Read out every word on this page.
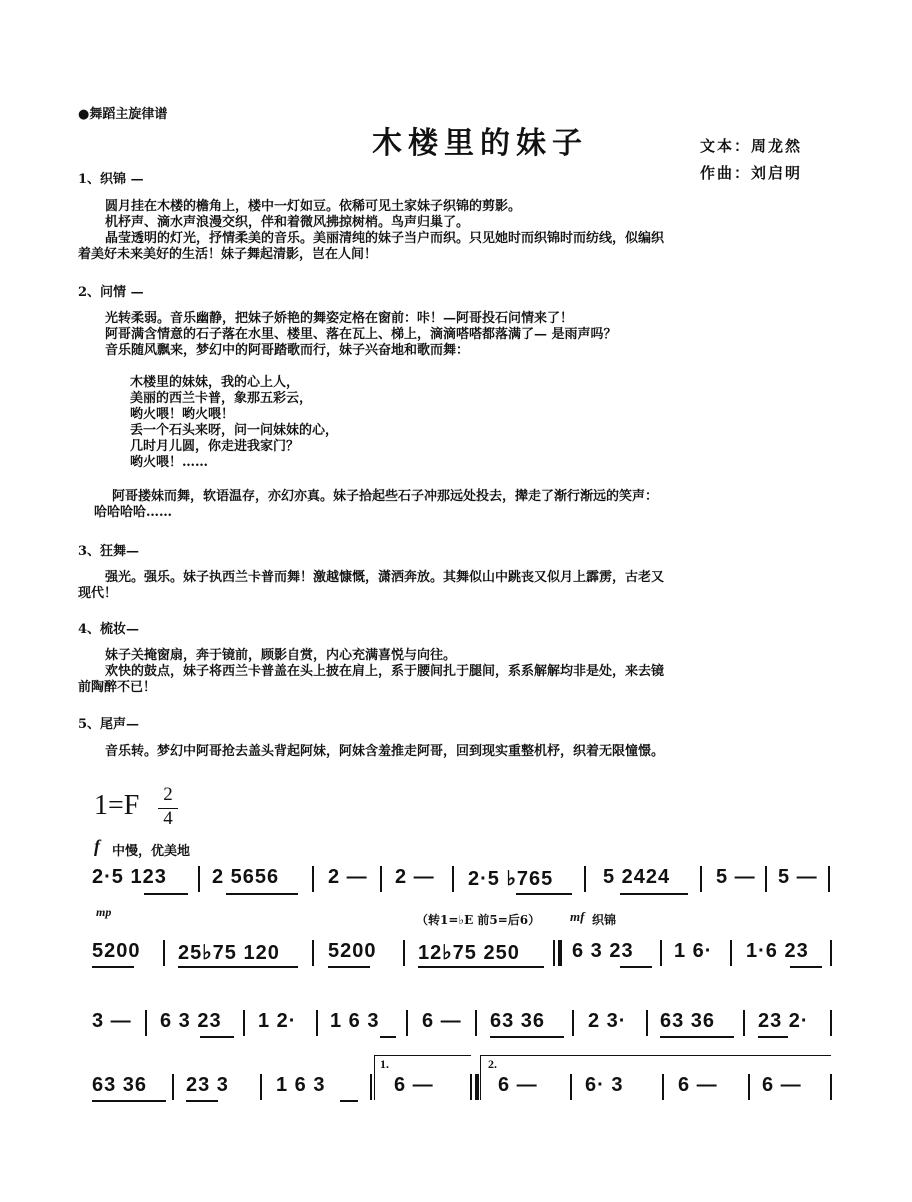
●舞蹈主旋律谱
木楼里的妹子	文本：周龙然
作曲：刘启明
1、织锦 —
圆月挂在木楼的檐角上，楼中一灯如豆。依稀可见土家妹子织锦的剪影。
机杼声、滴水声浪漫交织，伴和着微风拂掠树梢。鸟声归巢了。
晶莹透明的灯光，抒情柔美的音乐。美丽清纯的妹子当户而织。只见她时而织锦时而纺线，似编织
着美好未来美好的生活！妹子舞起清影，岂在人间！
2、问情 —
光转柔弱。音乐幽静，把妹子娇艳的舞姿定格在窗前：咔！—阿哥投石问情来了！
阿哥满含情意的石子落在水里、楼里、落在瓦上、梯上，滴滴嗒嗒都落满了— 是雨声吗？
音乐随风飘来，梦幻中的阿哥踏歌而行，妹子兴奋地和歌而舞：
木楼里的妹妹，我的心上人，
美丽的西兰卡普，象那五彩云，
哟火喂！哟火喂！
丢一个石头来呀，问一问妹妹的心，
几时月儿圆，你走进我家门？
哟火喂！……
阿哥搂妹而舞，软语温存，亦幻亦真。妹子拾起些石子冲那远处投去，撵走了渐行渐远的笑声：
哈哈哈哈……
3、狂舞—
强光。强乐。妹子执西兰卡普而舞！激越慷慨，潇洒奔放。其舞似山中跳丧又似月上霹雳，古老又
现代！
4、梳妆—
妹子关掩窗扇，奔于镜前，顾影自赏，内心充满喜悦与向往。
欢快的鼓点，妹子将西兰卡普盖在头上披在肩上，系于腰间扎于腿间，系系解解均非是处，来去镜
前陶醉不已！
5、尾声—
音乐转。梦幻中阿哥抢去盖头背起阿妹，阿妹含羞推走阿哥，回到现实重整机杼，织着无限憧憬。
1=F 2
4
f 中慢，优美地
2·5 123 2 5656 2 — 2 — 2·5 ♭765 5 2424 5 — 5 —
mp
（转1=♭E 前5=后6） mf 织锦
5200 25♭75 120 5200 12♭75 250	6 3 23 1 6· 1·6 23
3 — 6 3 23 1 2· 1 6 3 6 — 63 36 2 3· 63 36 23 2·
1.	2.
63 36 23 3 1 6 3	6 —	6 — 6· 3	6 — 6 —
